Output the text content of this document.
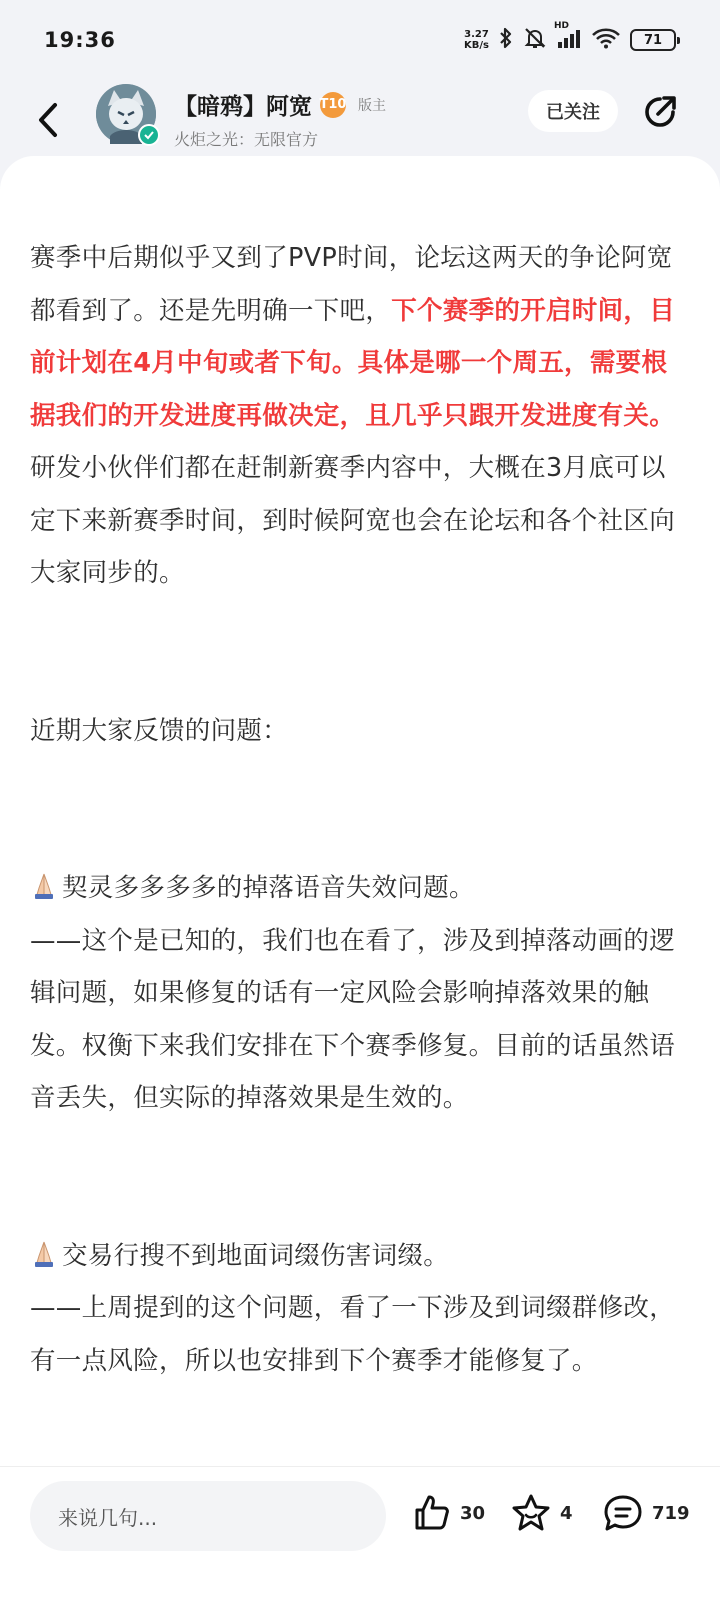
19:36	3.27
KB/s
HD
71
【暗鸦】阿宽 T10 版主
火炬之光：无限官方
已关注

赛季中后期似乎又到了PVP时间，论坛这两天的争论阿宽都看到了。还是先明确一下吧，下个赛季的开启时间，目前计划在4月中旬或者下旬。具体是哪一个周五，需要根据我们的开发进度再做决定，且几乎只跟开发进度有关。研发小伙伴们都在赶制新赛季内容中，大概在3月底可以定下来新赛季时间，到时候阿宽也会在论坛和各个社区向大家同步的。

近期大家反馈的问题：

契灵多多多多的掉落语音失效问题。

——这个是已知的，我们也在看了，涉及到掉落动画的逻辑问题，如果修复的话有一定风险会影响掉落效果的触发。权衡下来我们安排在下个赛季修复。目前的话虽然语音丢失，但实际的掉落效果是生效的。

交易行搜不到地面词缀伤害词缀。

——上周提到的这个问题，看了一下涉及到词缀群修改，有一点风险，所以也安排到下个赛季才能修复了。

来说几句...	30	4	719
